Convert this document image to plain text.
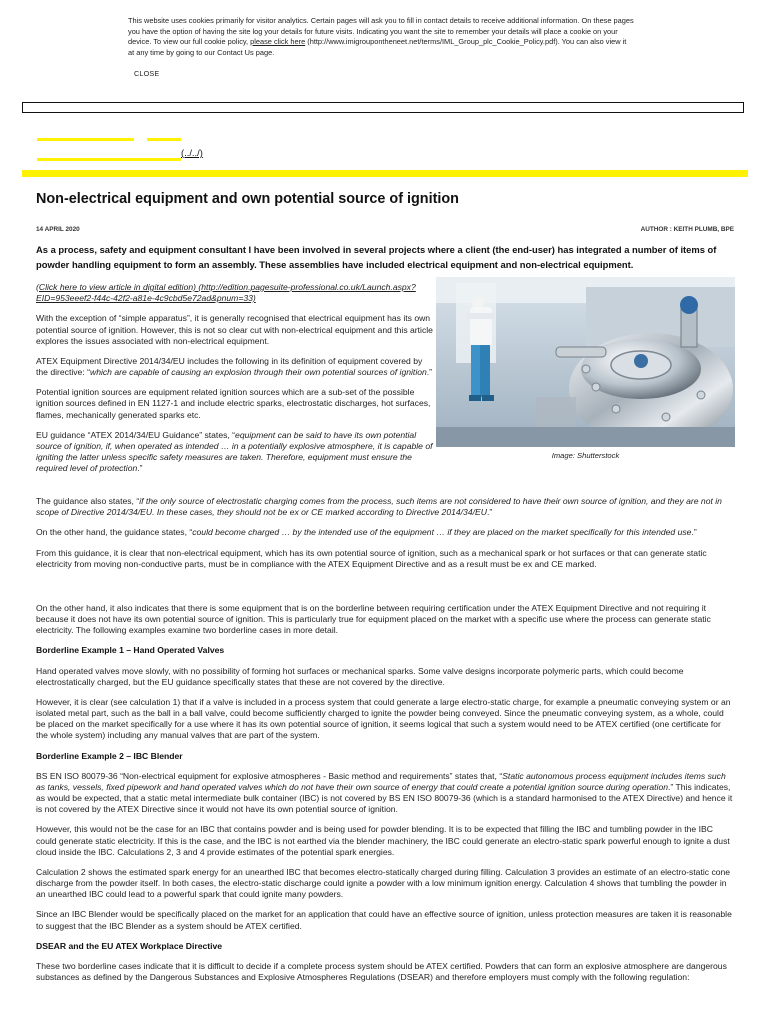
This website uses cookies primarily for visitor analytics. Certain pages will ask you to fill in contact details to receive additional information. On these pages you have the option of having the site log your details for future visits. Indicating you want the site to remember your details will place a cookie on your device. To view our full cookie policy, please click here (http://www.imigroupontheneet.net/terms/IML_Group_plc_Cookie_Policy.pdf). You can also view it at any time by going to our Contact Us page.
CLOSE
(../../)
Non-electrical equipment and own potential source of ignition
14 APRIL 2020	AUTHOR : KEITH PLUMB, BPE

As a process, safety and equipment consultant I have been involved in several projects where a client (the end-user) has integrated a number of items of powder handling equipment to form an assembly. These assemblies have included electrical equipment and non-electrical equipment.

Image: Shutterstock

(Click here to view article in digital edition) (http://edition.pagesuite-professional.co.uk/Launch.aspx?EID=953eeef2-f44c-42f2-a81e-4c9cbd5e72ad&pnum=33)

With the exception of “simple apparatus”, it is generally recognised that electrical equipment has its own potential source of ignition. However, this is not so clear cut with non-electrical equipment and this article explores the issues associated with non-electrical equipment.

ATEX Equipment Directive 2014/34/EU includes the following in its definition of equipment covered by the directive: “which are capable of causing an explosion through their own potential sources of ignition.”

Potential ignition sources are equipment related ignition sources which are a sub-set of the possible ignition sources defined in EN 1127-1 and include electric sparks, electrostatic discharges, hot surfaces, flames, mechanically generated sparks etc.

EU guidance “ATEX 2014/34/EU Guidance” states, “equipment can be said to have its own potential source of ignition, if, when operated as intended … in a potentially explosive atmosphere, it is capable of igniting the latter unless specific safety measures are taken. Therefore, equipment must ensure the required level of protection.”

The guidance also states, “if the only source of electrostatic charging comes from the process, such items are not considered to have their own source of ignition, and they are not in scope of Directive 2014/34/EU. In these cases, they should not be ex or CE marked according to Directive 2014/34/EU.”

On the other hand, the guidance states, “could become charged … by the intended use of the equipment … if they are placed on the market specifically for this intended use.”

From this guidance, it is clear that non-electrical equipment, which has its own potential source of ignition, such as a mechanical spark or hot surfaces or that can generate static electricity from moving non-conductive parts, must be in compliance with the ATEX Equipment Directive and as a result must be ex and CE marked.

On the other hand, it also indicates that there is some equipment that is on the borderline between requiring certification under the ATEX Equipment Directive and not requiring it because it does not have its own potential source of ignition. This is particularly true for equipment placed on the market with a specific use where the process can generate static electricity. The following examples examine two borderline cases in more detail.

Borderline Example 1 – Hand Operated Valves

Hand operated valves move slowly, with no possibility of forming hot surfaces or mechanical sparks. Some valve designs incorporate polymeric parts, which could become electrostatically charged, but the EU guidance specifically states that these are not covered by the directive.

However, it is clear (see calculation 1) that if a valve is included in a process system that could generate a large electro-static charge, for example a pneumatic conveying system or an isolated metal part, such as the ball in a ball valve, could become sufficiently charged to ignite the powder being conveyed. Since the pneumatic conveying system, as a whole, could be placed on the market specifically for a use where it has its own potential source of ignition, it seems logical that such a system would need to be ATEX certified (one certificate for the whole system) including any manual valves that are part of the system.

Borderline Example 2 – IBC Blender

BS EN ISO 80079-36 “Non-electrical equipment for explosive atmospheres - Basic method and requirements” states that, “Static autonomous process equipment includes items such as tanks, vessels, fixed pipework and hand operated valves which do not have their own source of energy that could create a potential ignition source during operation.” This indicates, as would be expected, that a static metal intermediate bulk container (IBC) is not covered by BS EN ISO 80079-36 (which is a standard harmonised to the ATEX Directive) and hence it is not covered by the ATEX Directive since it would not have its own potential source of ignition.

However, this would not be the case for an IBC that contains powder and is being used for powder blending. It is to be expected that filling the IBC and tumbling powder in the IBC could generate static electricity. If this is the case, and the IBC is not earthed via the blender machinery, the IBC could generate an electro-static spark powerful enough to ignite a dust cloud inside the IBC. Calculations 2, 3 and 4 provide estimates of the potential spark energies.

Calculation 2 shows the estimated spark energy for an unearthed IBC that becomes electro-statically charged during filling. Calculation 3 provides an estimate of an electro-static cone discharge from the powder itself. In both cases, the electro-static discharge could ignite a powder with a low minimum ignition energy. Calculation 4 shows that tumbling the powder in an unearthed IBC could lead to a powerful spark that could ignite many powders.

Since an IBC Blender would be specifically placed on the market for an application that could have an effective source of ignition, unless protection measures are taken it is reasonable to suggest that the IBC Blender as a system should be ATEX certified.

DSEAR and the EU ATEX Workplace Directive

These two borderline cases indicate that it is difficult to decide if a complete process system should be ATEX certified. Powders that can form an explosive atmosphere are dangerous substances as defined by the Dangerous Substances and Explosive Atmospheres Regulations (DSEAR) and therefore employers must comply with the following regulation:
